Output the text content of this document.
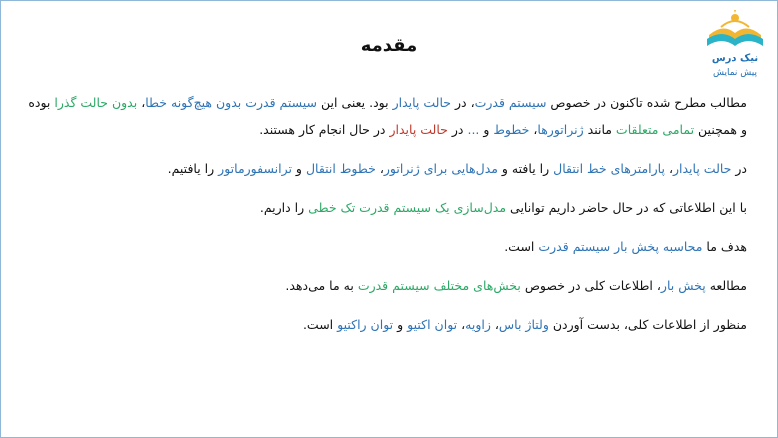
نیک درس
پیش نمایش
مقدمه

مطالب مطرح شده تاکنون در خصوص سیستم قدرت، در حالت پایدار بود. یعنی این سیستم قدرت بدون هیچ‌گونه خطا، بدون حالت گذرا بوده و همچنین تمامی متعلقات مانند ژنراتورها، خطوط و ... در حالت پایدار در حال انجام کار هستند.

در حالت پایدار، پارامترهای خط انتقال را یافته و مدل‌هایی برای ژنراتور، خطوط انتقال و ترانسفورماتور را یافتیم.

با این اطلاعاتی که در حال حاضر داریم توانایی مدل‌سازی یک سیستم قدرت تک خطی را داریم.

هدف ما محاسبه پخش بار سیستم قدرت است.

مطالعه پخش بار، اطلاعات کلی در خصوص بخش‌های مختلف سیستم قدرت به ما می‌دهد.

منظور از اطلاعات کلی، بدست آوردن ولتاژ باس، زاویه، توان اکتیو و توان راکتیو است.
